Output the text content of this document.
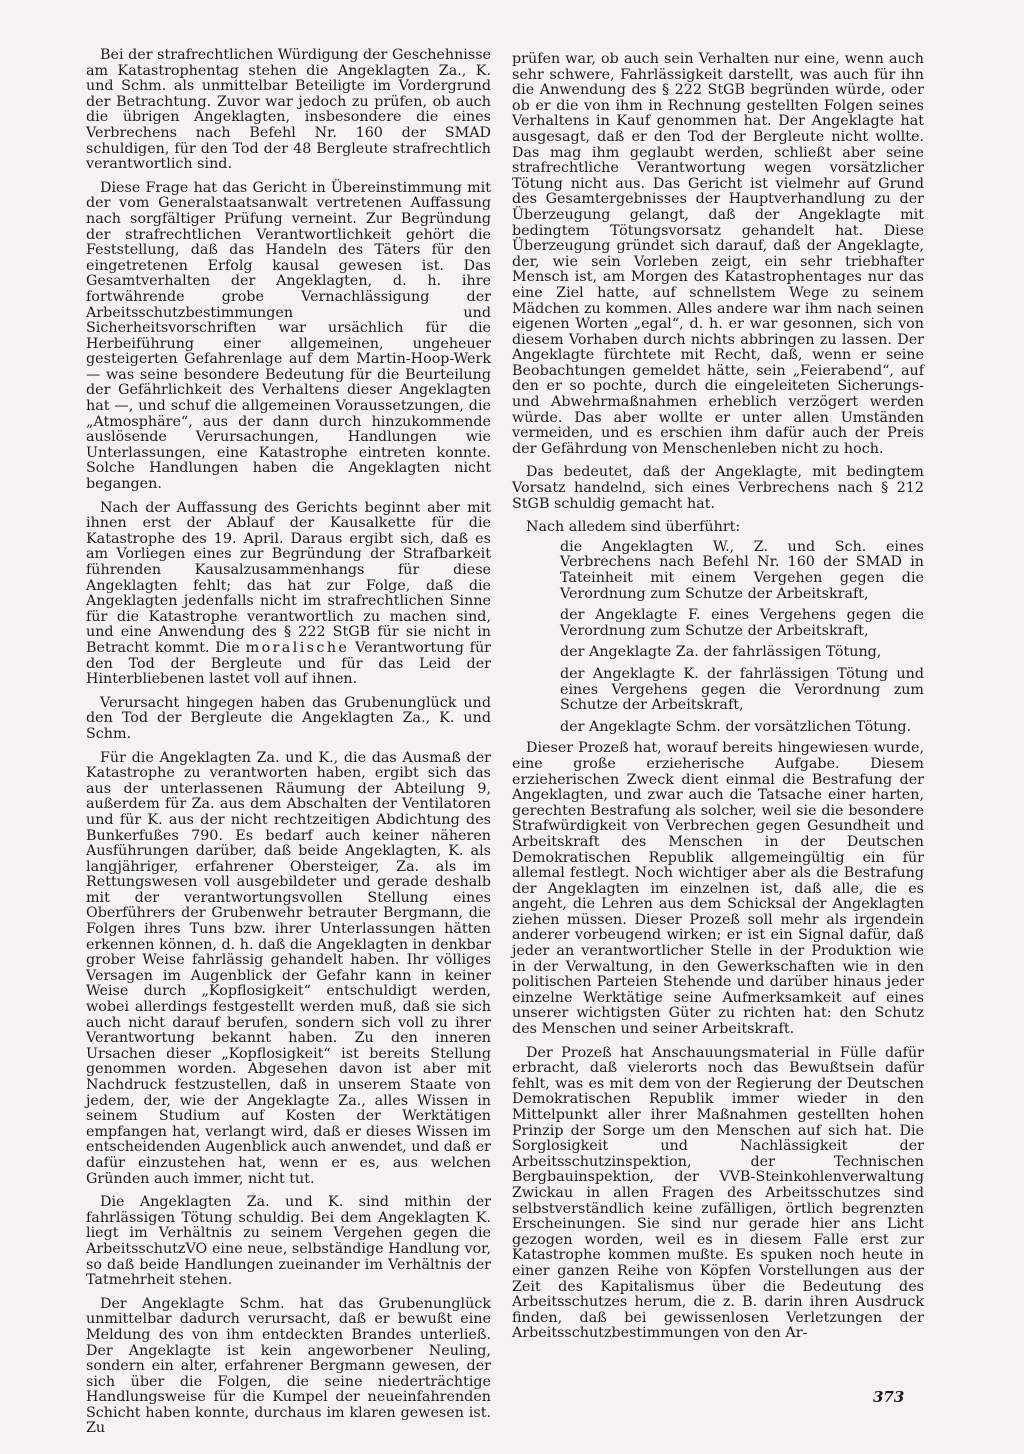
Bei der strafrechtlichen Würdigung der Geschehnisse am Katastrophentag stehen die Angeklagten Za., K. und Schm. als unmittelbar Beteiligte im Vordergrund der Betrachtung. Zuvor war jedoch zu prüfen, ob auch die übrigen Angeklagten, insbesondere die eines Verbrechens nach Befehl Nr. 160 der SMAD schuldigen, für den Tod der 48 Bergleute strafrechtlich verantwortlich sind.

Diese Frage hat das Gericht in Übereinstimmung mit der vom Generalstaatsanwalt vertretenen Auffassung nach sorgfältiger Prüfung verneint. Zur Begründung der strafrechtlichen Verantwortlichkeit gehört die Feststellung, daß das Handeln des Täters für den eingetretenen Erfolg kausal gewesen ist. Das Gesamtverhalten der Angeklagten, d. h. ihre fortwährende grobe Vernachlässigung der Arbeitsschutzbestimmungen und Sicherheitsvorschriften war ursächlich für die Herbeiführung einer allgemeinen, ungeheuer gesteigerten Gefahrenlage auf dem Martin-Hoop-Werk — was seine besondere Bedeutung für die Beurteilung der Gefährlichkeit des Verhaltens dieser Angeklagten hat —, und schuf die allgemeinen Voraussetzungen, die „Atmosphäre“, aus der dann durch hinzukommende auslösende Verursachungen, Handlungen wie Unterlassungen, eine Katastrophe eintreten konnte. Solche Handlungen haben die Angeklagten nicht begangen.

Nach der Auffassung des Gerichts beginnt aber mit ihnen erst der Ablauf der Kausalkette für die Katastrophe des 19. April. Daraus ergibt sich, daß es am Vorliegen eines zur Begründung der Strafbarkeit führenden Kausalzusammenhangs für diese Angeklagten fehlt; das hat zur Folge, daß die Angeklagten jedenfalls nicht im strafrechtlichen Sinne für die Katastrophe verantwortlich zu machen sind, und eine Anwendung des § 222 StGB für sie nicht in Betracht kommt. Die moralische Verantwortung für den Tod der Bergleute und für das Leid der Hinterbliebenen lastet voll auf ihnen.

Verursacht hingegen haben das Grubenunglück und den Tod der Bergleute die Angeklagten Za., K. und Schm.

Für die Angeklagten Za. und K., die das Ausmaß der Katastrophe zu verantworten haben, ergibt sich das aus der unterlassenen Räumung der Abteilung 9, außerdem für Za. aus dem Abschalten der Ventilatoren und für K. aus der nicht rechtzeitigen Abdichtung des Bunkerfußes 790. Es bedarf auch keiner näheren Ausführungen darüber, daß beide Angeklagten, K. als langjähriger, erfahrener Obersteiger, Za. als im Rettungswesen voll ausgebildeter und gerade deshalb mit der verantwortungsvollen Stellung eines Oberführers der Grubenwehr betrauter Bergmann, die Folgen ihres Tuns bzw. ihrer Unterlassungen hätten erkennen können, d. h. daß die Angeklagten in denkbar grober Weise fahrlässig gehandelt haben. Ihr völliges Versagen im Augenblick der Gefahr kann in keiner Weise durch „Kopflosigkeit“ entschuldigt werden, wobei allerdings festgestellt werden muß, daß sie sich auch nicht darauf berufen, sondern sich voll zu ihrer Verantwortung bekannt haben. Zu den inneren Ursachen dieser „Kopflosigkeit“ ist bereits Stellung genommen worden. Abgesehen davon ist aber mit Nachdruck festzustellen, daß in unserem Staate von jedem, der, wie der Angeklagte Za., alles Wissen in seinem Studium auf Kosten der Werktätigen empfangen hat, verlangt wird, daß er dieses Wissen im entscheidenden Augenblick auch anwendet, und daß er dafür einzustehen hat, wenn er es, aus welchen Gründen auch immer, nicht tut.

Die Angeklagten Za. und K. sind mithin der fahrlässigen Tötung schuldig. Bei dem Angeklagten K. liegt im Verhältnis zu seinem Vergehen gegen die ArbeitsschutzVO eine neue, selbständige Handlung vor, so daß beide Handlungen zueinander im Verhältnis der Tatmehrheit stehen.

Der Angeklagte Schm. hat das Grubenunglück unmittelbar dadurch verursacht, daß er bewußt eine Meldung des von ihm entdeckten Brandes unterließ. Der Angeklagte ist kein angeworbener Neuling, sondern ein alter, erfahrener Bergmann gewesen, der sich über die Folgen, die seine niederträchtige Handlungsweise für die Kumpel der neueinfahrenden Schicht haben konnte, durchaus im klaren gewesen ist. Zu

prüfen war, ob auch sein Verhalten nur eine, wenn auch sehr schwere, Fahrlässigkeit darstellt, was auch für ihn die Anwendung des § 222 StGB begründen würde, oder ob er die von ihm in Rechnung gestellten Folgen seines Verhaltens in Kauf genommen hat. Der Angeklagte hat ausgesagt, daß er den Tod der Bergleute nicht wollte. Das mag ihm geglaubt werden, schließt aber seine strafrechtliche Verantwortung wegen vorsätzlicher Tötung nicht aus. Das Gericht ist vielmehr auf Grund des Gesamtergebnisses der Hauptverhandlung zu der Überzeugung gelangt, daß der Angeklagte mit bedingtem Tötungsvorsatz gehandelt hat. Diese Überzeugung gründet sich darauf, daß der Angeklagte, der, wie sein Vorleben zeigt, ein sehr triebhafter Mensch ist, am Morgen des Katastrophentages nur das eine Ziel hatte, auf schnellstem Wege zu seinem Mädchen zu kommen. Alles andere war ihm nach seinen eigenen Worten „egal“, d. h. er war gesonnen, sich von diesem Vorhaben durch nichts abbringen zu lassen. Der Angeklagte fürchtete mit Recht, daß, wenn er seine Beobachtungen gemeldet hätte, sein „Feierabend“, auf den er so pochte, durch die eingeleiteten Sicherungs- und Abwehrmaßnahmen erheblich verzögert werden würde. Das aber wollte er unter allen Umständen vermeiden, und es erschien ihm dafür auch der Preis der Gefährdung von Menschenleben nicht zu hoch.

Das bedeutet, daß der Angeklagte, mit bedingtem Vorsatz handelnd, sich eines Verbrechens nach § 212 StGB schuldig gemacht hat.

Nach alledem sind überführt:

die Angeklagten W., Z. und Sch. eines Verbrechens nach Befehl Nr. 160 der SMAD in Tateinheit mit einem Vergehen gegen die Verordnung zum Schutze der Arbeitskraft,

der Angeklagte F. eines Vergehens gegen die Verordnung zum Schutze der Arbeitskraft,

der Angeklagte Za. der fahrlässigen Tötung,

der Angeklagte K. der fahrlässigen Tötung und eines Vergehens gegen die Verordnung zum Schutze der Arbeitskraft,

der Angeklagte Schm. der vorsätzlichen Tötung.

Dieser Prozeß hat, worauf bereits hingewiesen wurde, eine große erzieherische Aufgabe. Diesem erzieherischen Zweck dient einmal die Bestrafung der Angeklagten, und zwar auch die Tatsache einer harten, gerechten Bestrafung als solcher, weil sie die besondere Strafwürdigkeit von Verbrechen gegen Gesundheit und Arbeitskraft des Menschen in der Deutschen Demokratischen Republik allgemeingültig ein für allemal festlegt. Noch wichtiger aber als die Bestrafung der Angeklagten im einzelnen ist, daß alle, die es angeht, die Lehren aus dem Schicksal der Angeklagten ziehen müssen. Dieser Prozeß soll mehr als irgendein anderer vorbeugend wirken; er ist ein Signal dafür, daß jeder an verantwortlicher Stelle in der Produktion wie in der Verwaltung, in den Gewerkschaften wie in den politischen Parteien Stehende und darüber hinaus jeder einzelne Werktätige seine Aufmerksamkeit auf eines unserer wichtigsten Güter zu richten hat: den Schutz des Menschen und seiner Arbeitskraft.

Der Prozeß hat Anschauungsmaterial in Fülle dafür erbracht, daß vielerorts noch das Bewußtsein dafür fehlt, was es mit dem von der Regierung der Deutschen Demokratischen Republik immer wieder in den Mittelpunkt aller ihrer Maßnahmen gestellten hohen Prinzip der Sorge um den Menschen auf sich hat. Die Sorglosigkeit und Nachlässigkeit der Arbeitsschutzinspektion, der Technischen Bergbauinspektion, der VVB-Steinkohlenverwaltung Zwickau in allen Fragen des Arbeitsschutzes sind selbstverständlich keine zufälligen, örtlich begrenzten Erscheinungen. Sie sind nur gerade hier ans Licht gezogen worden, weil es in diesem Falle erst zur Katastrophe kommen mußte. Es spuken noch heute in einer ganzen Reihe von Köpfen Vorstellungen aus der Zeit des Kapitalismus über die Bedeutung des Arbeitsschutzes herum, die z. B. darin ihren Ausdruck finden, daß bei gewissenlosen Verletzungen der Arbeitsschutzbestimmungen von den Ar-

373
